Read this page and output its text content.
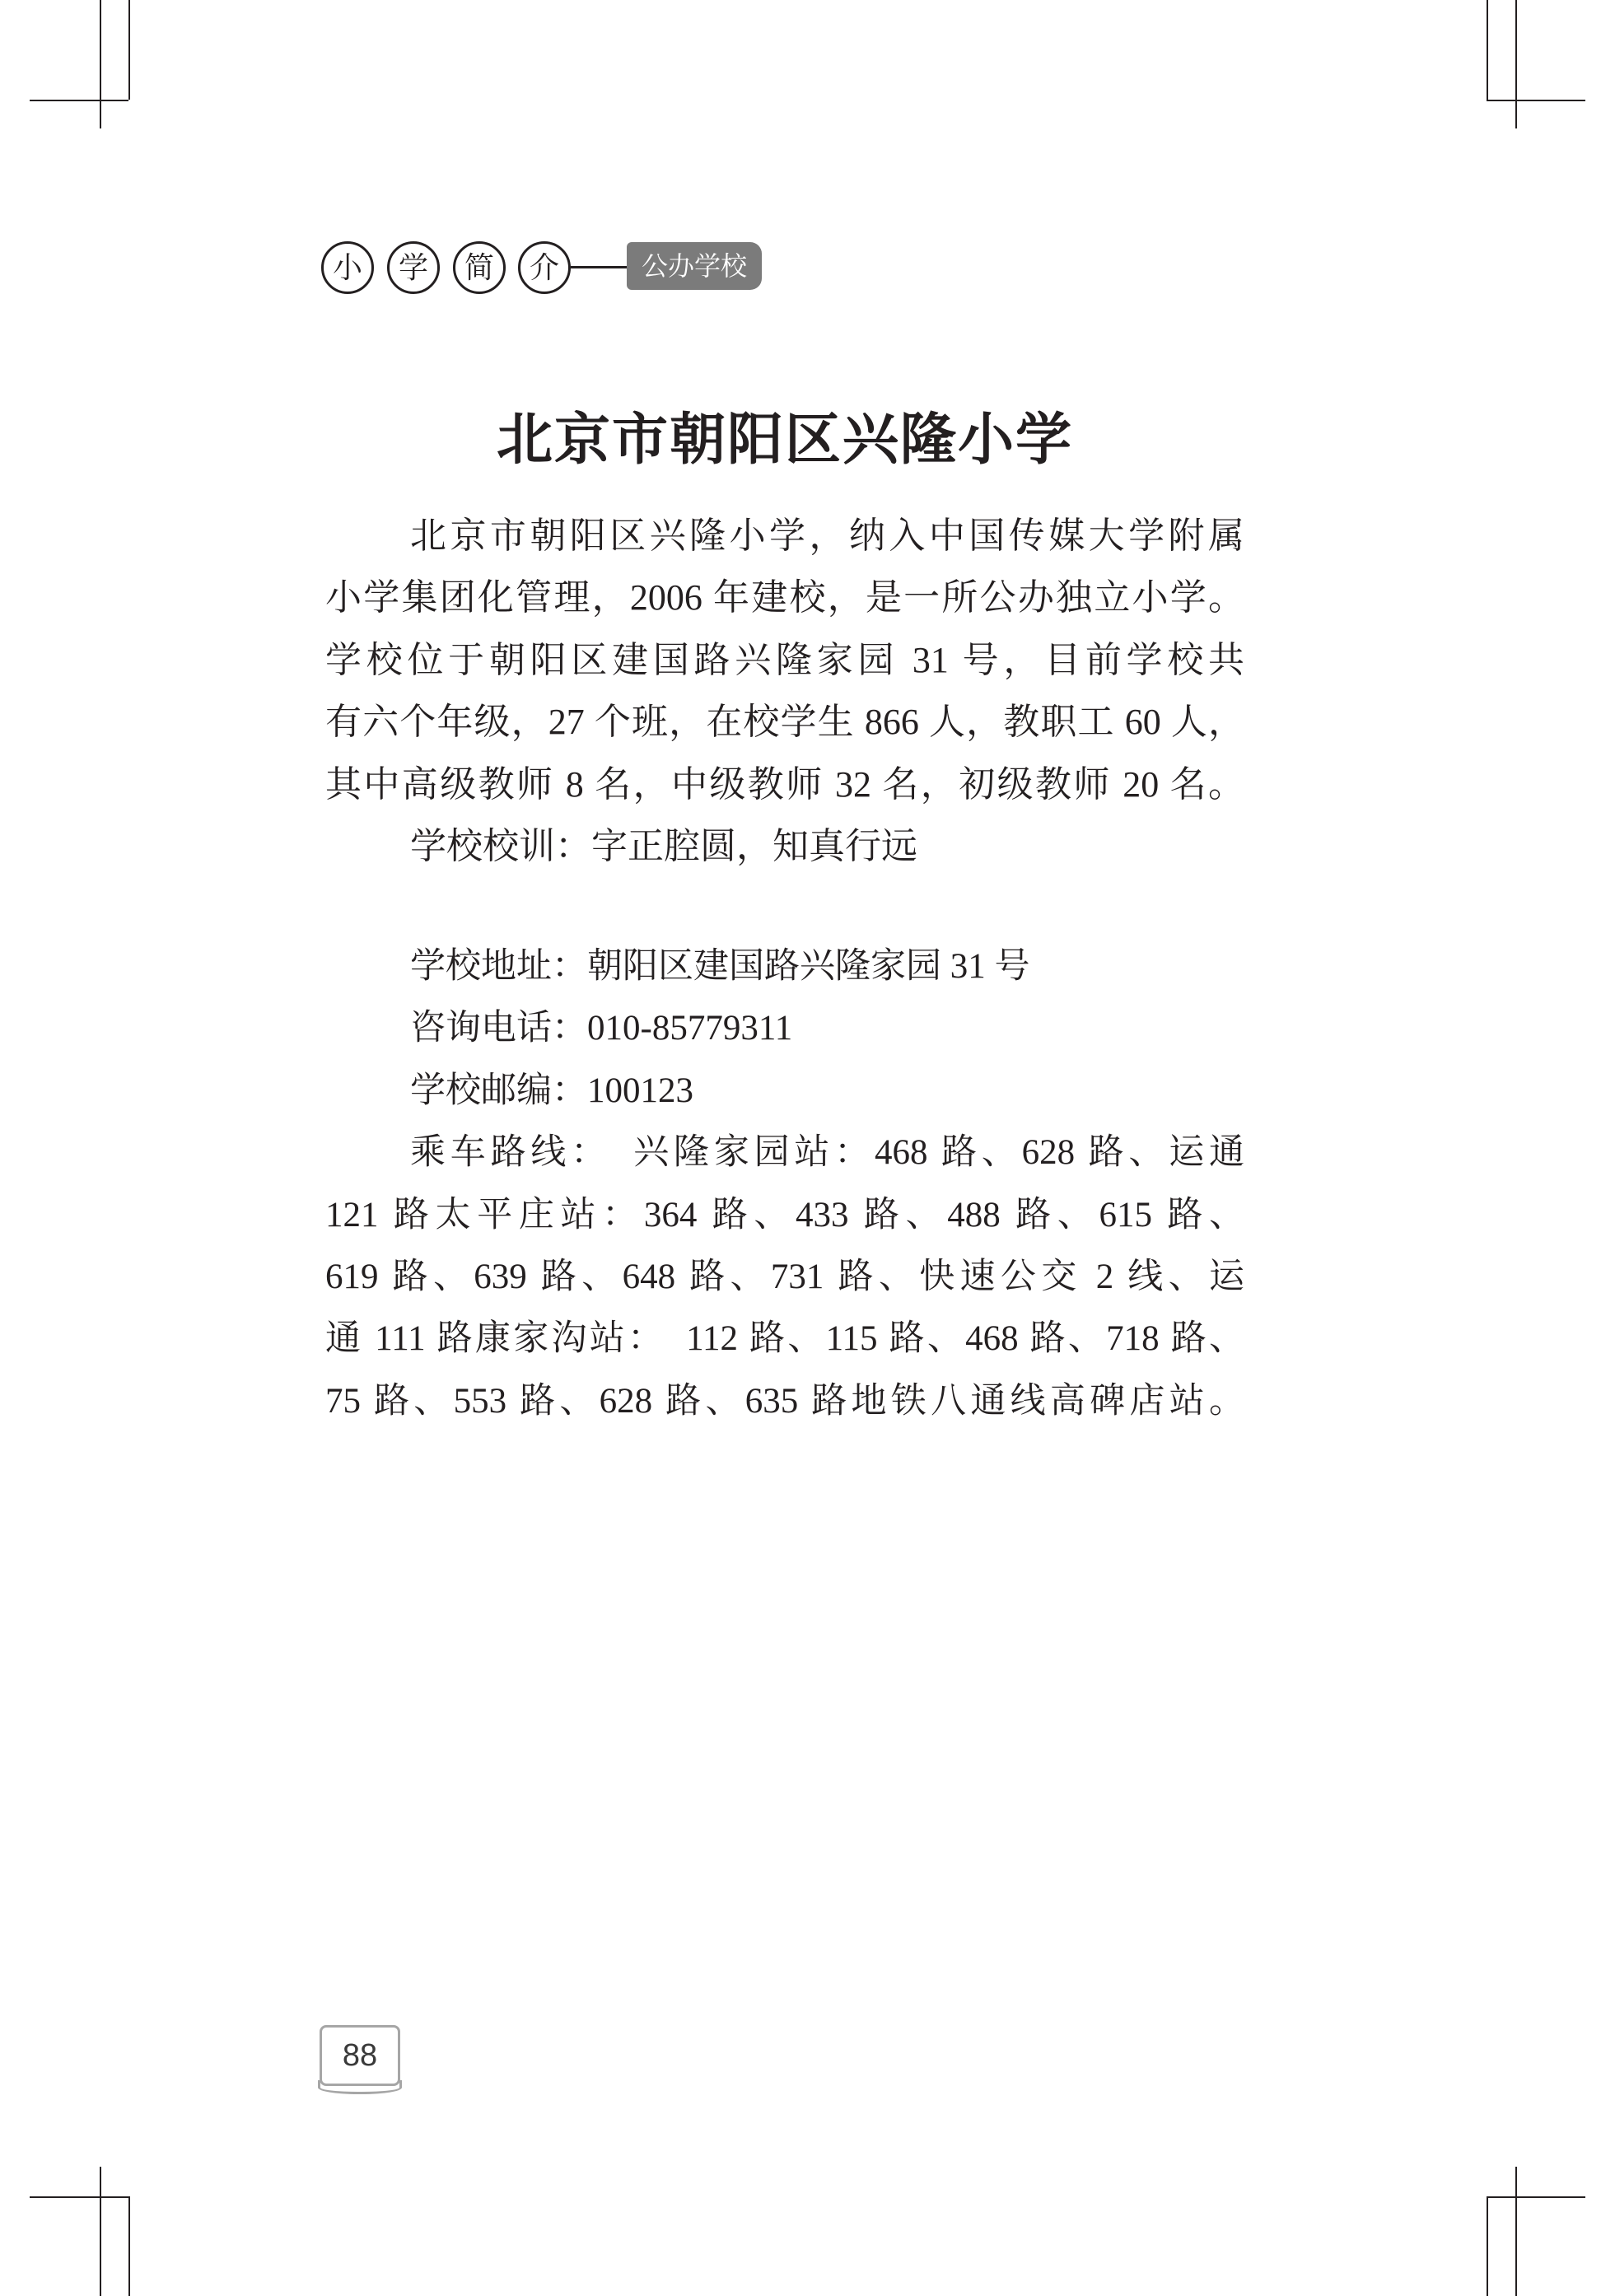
小	学	简	介	公办学校
北京市朝阳区兴隆小学
北京市朝阳区兴隆小学，纳入中国传媒大学附属
小学集团化管理，2006 年建校，是一所公办独立小学。
学校位于朝阳区建国路兴隆家园 31 号，目前学校共
有六个年级，27 个班，在校学生 866 人，教职工 60 人，
其中高级教师 8 名，中级教师 32 名，初级教师 20 名。
学校校训：字正腔圆，知真行远
学校地址：朝阳区建国路兴隆家园 31 号
咨询电话：010-85779311
学校邮编：100123
乘车路线：　兴隆家园站：468 路、628 路、运通
121 路太平庄站：364 路、433 路、488 路、615 路、
619 路、639 路、648 路、731 路、快速公交 2 线、运
通 111 路康家沟站：　112 路、115 路、468 路、718 路、
75 路、553 路、628 路、635 路地铁八通线高碑店站。
88
